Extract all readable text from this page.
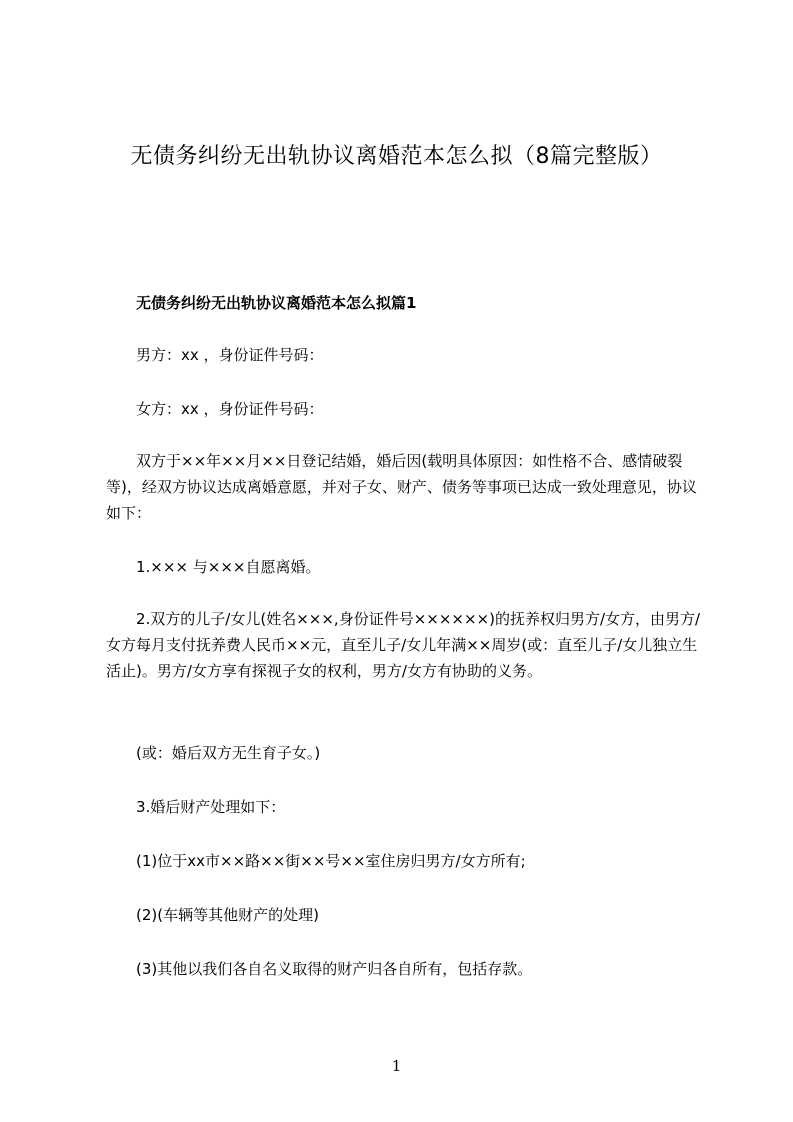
无债务纠纷无出轨协议离婚范本怎么拟（8篇完整版）
无债务纠纷无出轨协议离婚范本怎么拟篇1
男方：xx ，身份证件号码：
女方：xx ，身份证件号码：
双方于××年××月××日登记结婚，婚后因(载明具体原因：如性格不合、感情破裂等)，经双方协议达成离婚意愿，并对子女、财产、债务等事项已达成一致处理意见，协议如下：
1.××× 与×××自愿离婚。
2.双方的儿子/女儿(姓名×××,身份证件号××××××)的抚养权归男方/女方，由男方/女方每月支付抚养费人民币××元，直至儿子/女儿年满××周岁(或：直至儿子/女儿独立生活止)。男方/女方享有探视子女的权利，男方/女方有协助的义务。
(或：婚后双方无生育子女。)
3.婚后财产处理如下：
(1)位于xx市××路××街××号××室住房归男方/女方所有;
(2)(车辆等其他财产的处理)
(3)其他以我们各自名义取得的财产归各自所有，包括存款。
1
